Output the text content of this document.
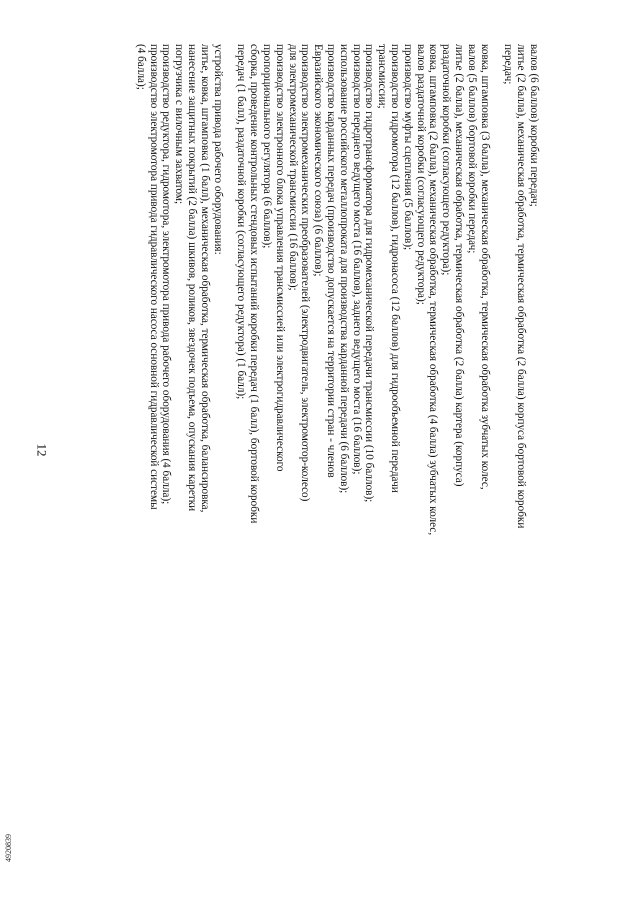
12
4920839
валов (6 баллов) коробки передач;
литье (2 балла), механическая обработка, термическая обработка (2 балла) корпуса бортовой коробки
передач;
ковка, штамповка (3 балла), механическая обработка, термическая обработка зубчатых колес,
валов (5 баллов) бортовой коробки передач;
литье (2 балла), механическая обработка, термическая обработка (2 балла) картера (корпуса)
раздаточной коробки (согласующего редуктора);
ковка, штамповка (2 балла), механическая обработка, термическая обработка (4 балла) зубчатых колес,
валов раздаточной коробки (согласующего редуктора);
производство муфты сцепления (5 баллов);
производство гидромотора (12 баллов), гидронасоса (12 баллов) для гидрообъемной передачи
трансмиссии;
производство гидротрансформатора для гидромеханической передачи трансмиссии (10 баллов);
производство переднего ведущего моста (16 баллов), заднего ведущего моста (16 баллов);
использование российского металлопроката для производства карданной передачи (6 баллов);
производство карданных передач (производство допускается на территории стран - членов
Евразийского экономического союза) (6 баллов);
производство электромеханических преобразователей (электродвигатель, электромотор-колесо)
для электромеханической трансмиссии (16 баллов);
производство электронного блока управления трансмиссией или электрогидравлического
пропорционального регулятора (6 баллов);
сборка, проведение контрольных стендовых испытаний коробки передач (1 балл), бортовой коробки
передач (1 балл), раздаточной коробки (согласующего редуктора) (1 балл);
устройства привода рабочего оборудования:
литье, ковка, штамповка (1 балл), механическая обработка, термическая обработка, балансировка,
нанесение защитных покрытий (2 балла) шкивов, роликов, звездочек подъема, опускания каретки
погрузчика с вилочным захватом;
производство редуктора, гидромотора, электромотора привода рабочего оборудования (4 балла);
производство электромотора привода гидравлического насоса основной гидравлической системы
(4 балла);
